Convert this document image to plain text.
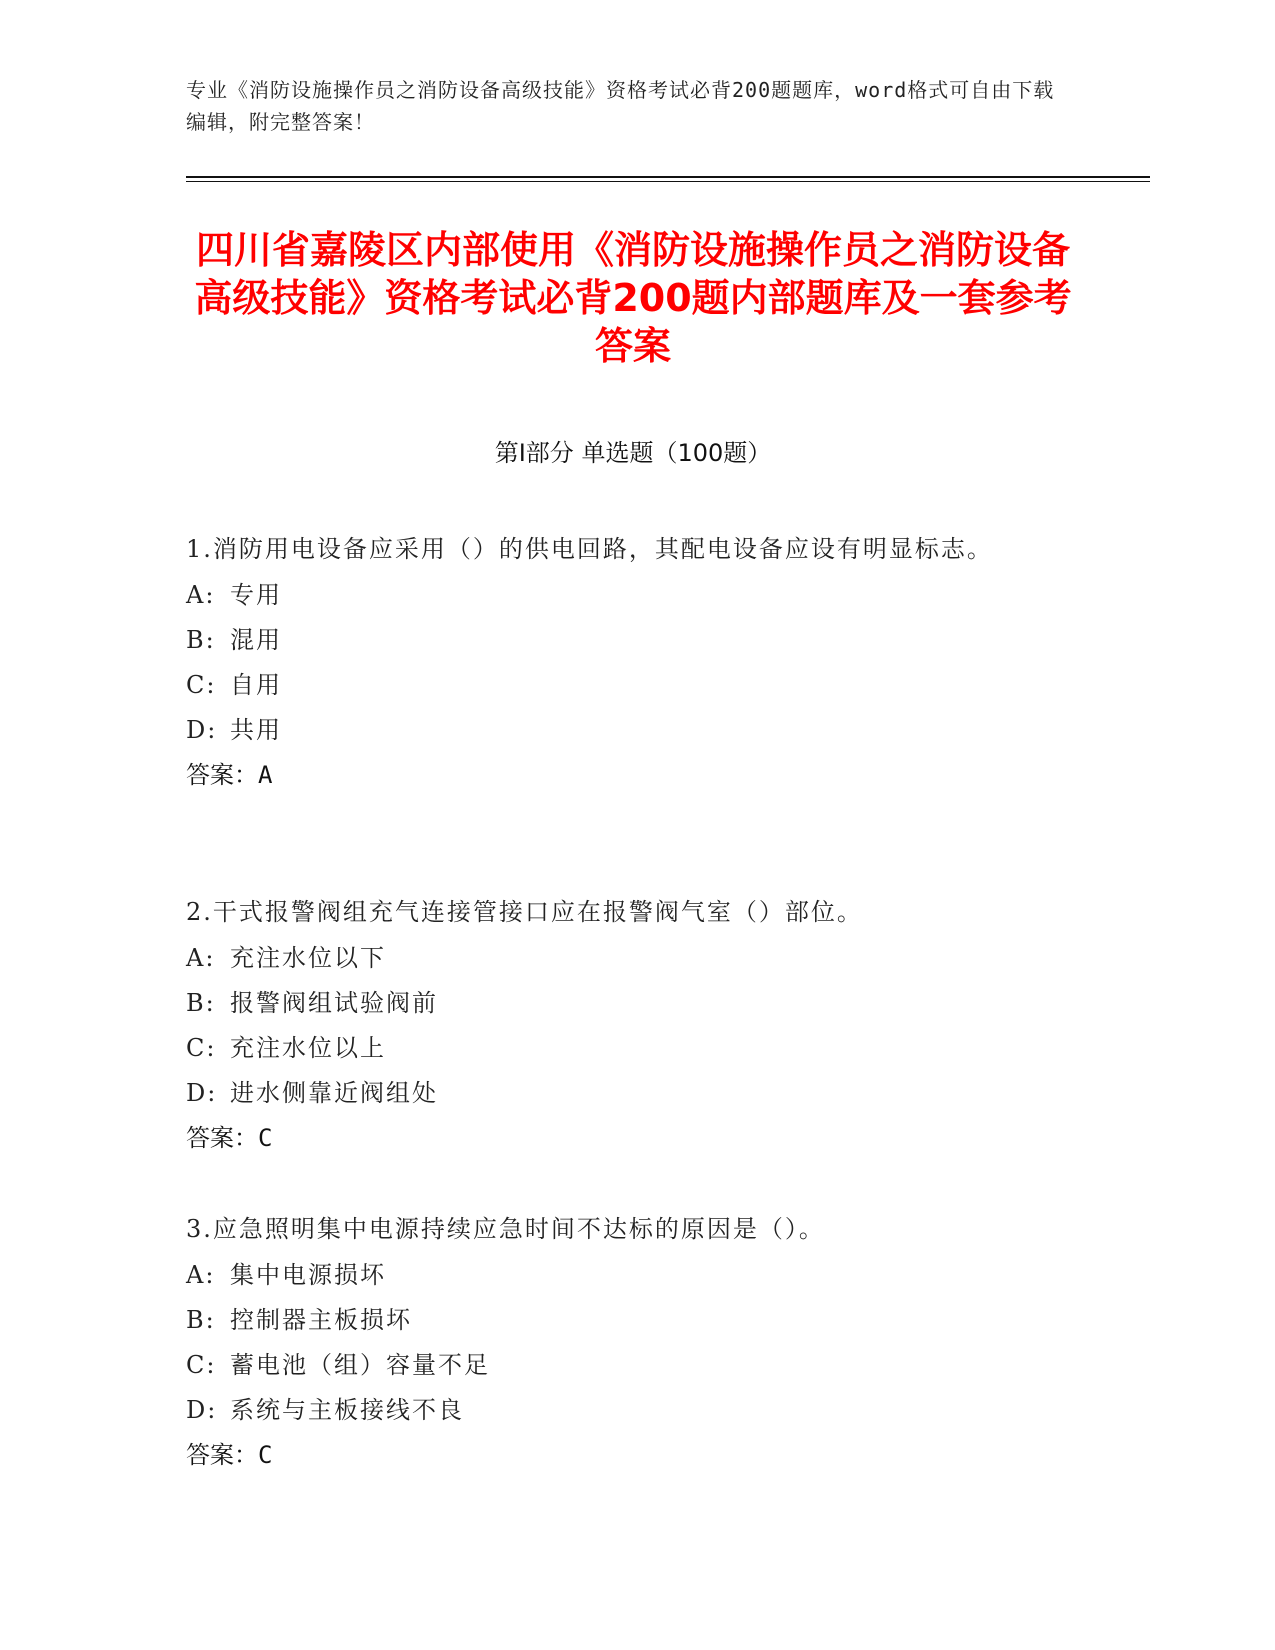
专业《消防设施操作员之消防设备高级技能》资格考试必背200题题库，word格式可自由下载编辑，附完整答案！
四川省嘉陵区内部使用《消防设施操作员之消防设备高级技能》资格考试必背200题内部题库及一套参考答案
第Ⅰ部分 单选题（100题）
1.消防用电设备应采用（）的供电回路，其配电设备应设有明显标志。
A: 专用
B: 混用
C: 自用
D: 共用
答案：A
2.干式报警阀组充气连接管接口应在报警阀气室（）部位。
A: 充注水位以下
B: 报警阀组试验阀前
C: 充注水位以上
D: 进水侧靠近阀组处
答案：C
3.应急照明集中电源持续应急时间不达标的原因是（）。
A: 集中电源损坏
B: 控制器主板损坏
C: 蓄电池（组）容量不足
D: 系统与主板接线不良
答案：C
